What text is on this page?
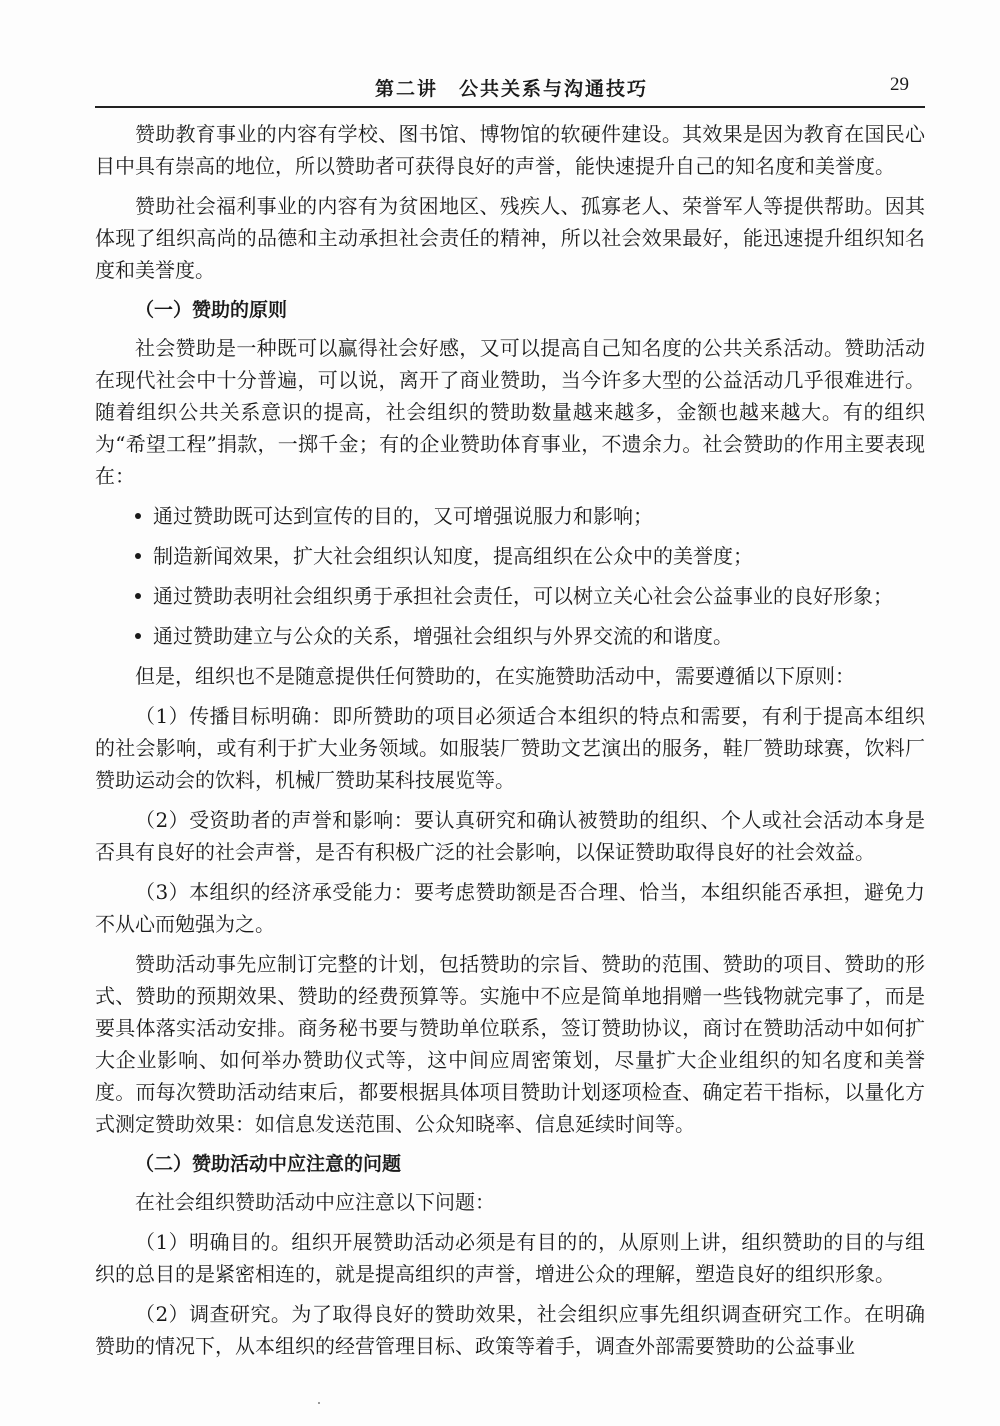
第二讲　公共关系与沟通技巧	29

赞助教育事业的内容有学校、图书馆、博物馆的软硬件建设。其效果是因为教育在国民心目中具有崇高的地位，所以赞助者可获得良好的声誉，能快速提升自己的知名度和美誉度。

赞助社会福利事业的内容有为贫困地区、残疾人、孤寡老人、荣誉军人等提供帮助。因其体现了组织高尚的品德和主动承担社会责任的精神，所以社会效果最好，能迅速提升组织知名度和美誉度。

（一）赞助的原则

社会赞助是一种既可以赢得社会好感，又可以提高自己知名度的公共关系活动。赞助活动在现代社会中十分普遍，可以说，离开了商业赞助，当今许多大型的公益活动几乎很难进行。随着组织公共关系意识的提高，社会组织的赞助数量越来越多，金额也越来越大。有的组织为“希望工程”捐款，一掷千金；有的企业赞助体育事业，不遗余力。社会赞助的作用主要表现在：

通过赞助既可达到宣传的目的，又可增强说服力和影响；

制造新闻效果，扩大社会组织认知度，提高组织在公众中的美誉度；

通过赞助表明社会组织勇于承担社会责任，可以树立关心社会公益事业的良好形象；

通过赞助建立与公众的关系，增强社会组织与外界交流的和谐度。

但是，组织也不是随意提供任何赞助的，在实施赞助活动中，需要遵循以下原则：

（1）传播目标明确：即所赞助的项目必须适合本组织的特点和需要，有利于提高本组织的社会影响，或有利于扩大业务领域。如服装厂赞助文艺演出的服务，鞋厂赞助球赛，饮料厂赞助运动会的饮料，机械厂赞助某科技展览等。

（2）受资助者的声誉和影响：要认真研究和确认被赞助的组织、个人或社会活动本身是否具有良好的社会声誉，是否有积极广泛的社会影响，以保证赞助取得良好的社会效益。

（3）本组织的经济承受能力：要考虑赞助额是否合理、恰当，本组织能否承担，避免力不从心而勉强为之。

赞助活动事先应制订完整的计划，包括赞助的宗旨、赞助的范围、赞助的项目、赞助的形式、赞助的预期效果、赞助的经费预算等。实施中不应是简单地捐赠一些钱物就完事了，而是要具体落实活动安排。商务秘书要与赞助单位联系，签订赞助协议，商讨在赞助活动中如何扩大企业影响、如何举办赞助仪式等，这中间应周密策划，尽量扩大企业组织的知名度和美誉度。而每次赞助活动结束后，都要根据具体项目赞助计划逐项检查、确定若干指标，以量化方式测定赞助效果：如信息发送范围、公众知晓率、信息延续时间等。

（二）赞助活动中应注意的问题

在社会组织赞助活动中应注意以下问题：

（1）明确目的。组织开展赞助活动必须是有目的的，从原则上讲，组织赞助的目的与组织的总目的是紧密相连的，就是提高组织的声誉，增进公众的理解，塑造良好的组织形象。

（2）调查研究。为了取得良好的赞助效果，社会组织应事先组织调查研究工作。在明确赞助的情况下，从本组织的经营管理目标、政策等着手，调查外部需要赞助的公益事业
